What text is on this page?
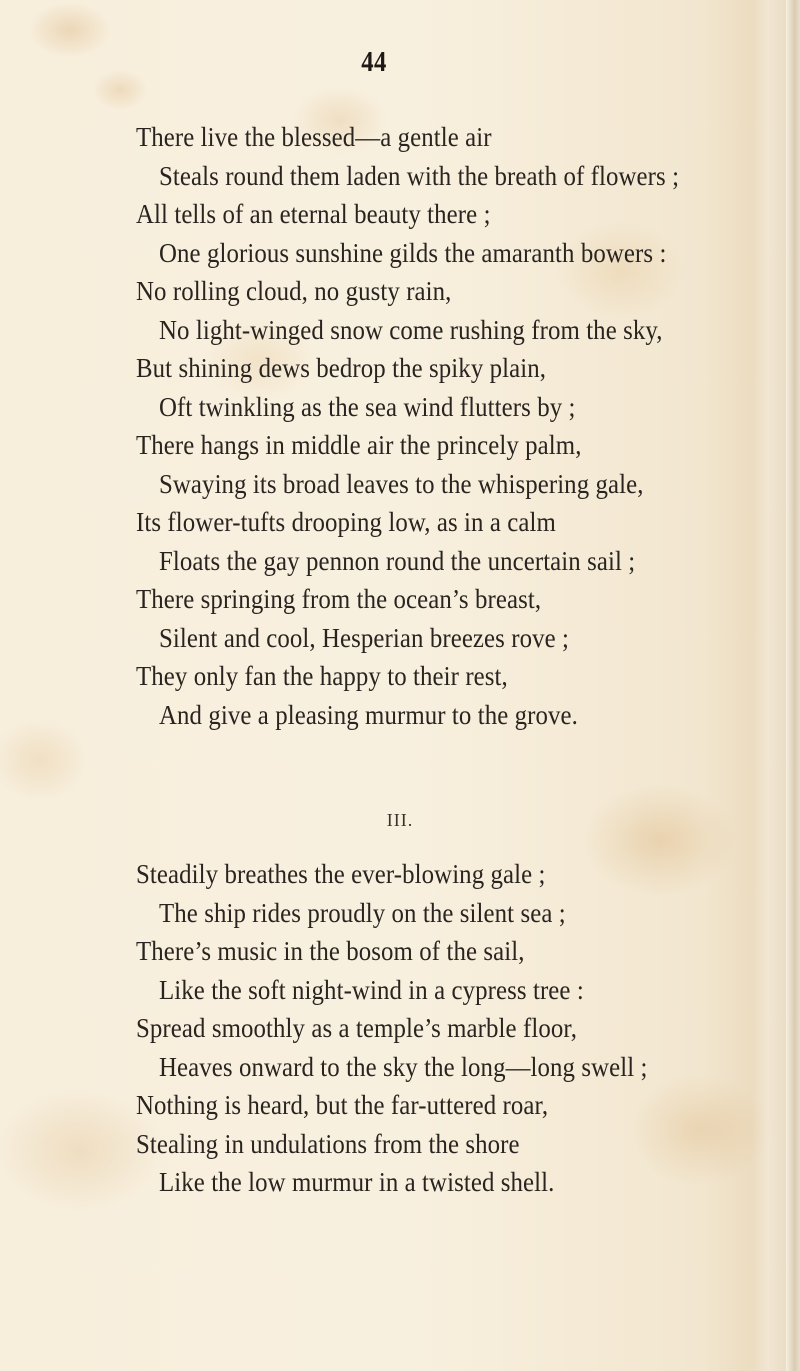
44
There live the blessed—a gentle air
Steals round them laden with the breath of flowers ;
All tells of an eternal beauty there ;
One glorious sunshine gilds the amaranth bowers :
No rolling cloud, no gusty rain,
No light-winged snow come rushing from the sky,
But shining dews bedrop the spiky plain,
Oft twinkling as the sea wind flutters by ;
There hangs in middle air the princely palm,
Swaying its broad leaves to the whispering gale,
Its flower-tufts drooping low, as in a calm
Floats the gay pennon round the uncertain sail ;
There springing from the ocean’s breast,
Silent and cool, Hesperian breezes rove ;
They only fan the happy to their rest,
And give a pleasing murmur to the grove.
III.
Steadily breathes the ever-blowing gale ;
The ship rides proudly on the silent sea ;
There’s music in the bosom of the sail,
Like the soft night-wind in a cypress tree :
Spread smoothly as a temple’s marble floor,
Heaves onward to the sky the long—long swell ;
Nothing is heard, but the far-uttered roar,
Stealing in undulations from the shore
Like the low murmur in a twisted shell.
